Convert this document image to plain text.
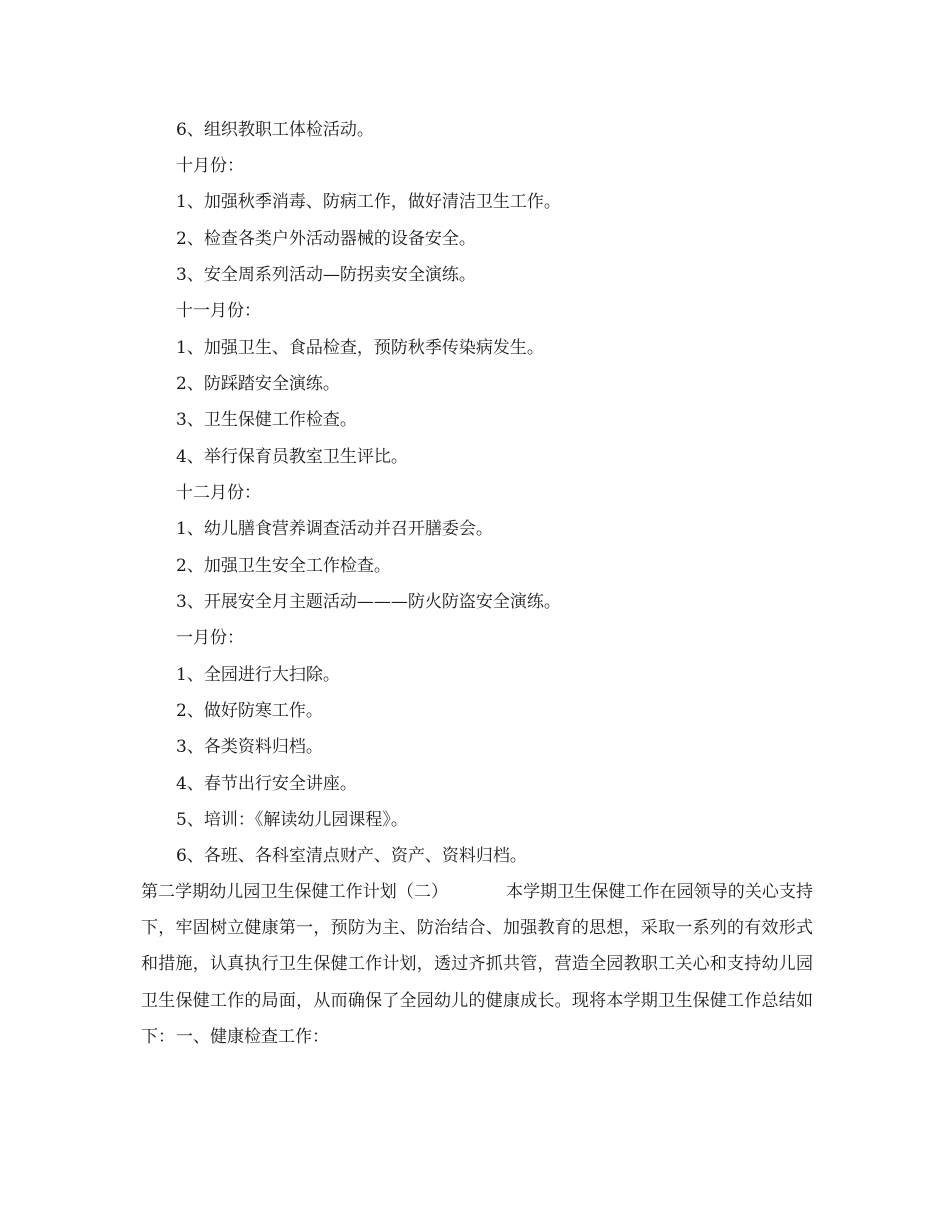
6、组织教职工体检活动。
十月份：
1、加强秋季消毒、防病工作，做好清洁卫生工作。
2、检查各类户外活动器械的设备安全。
3、安全周系列活动—防拐卖安全演练。
十一月份：
1、加强卫生、食品检查，预防秋季传染病发生。
2、防踩踏安全演练。
3、卫生保健工作检查。
4、举行保育员教室卫生评比。
十二月份：
1、幼儿膳食营养调查活动并召开膳委会。
2、加强卫生安全工作检查。
3、开展安全月主题活动———防火防盗安全演练。
一月份：
1、全园进行大扫除。
2、做好防寒工作。
3、各类资料归档。
4、春节出行安全讲座。
5、培训：《解读幼儿园课程》。
6、各班、各科室清点财产、资产、资料归档。
第二学期幼儿园卫生保健工作计划（二）	本学期卫生保健工作在园领导的关心支持下，牢固树立健康第一，预防为主、防治结合、加强教育的思想，采取一系列的有效形式和措施，认真执行卫生保健工作计划，透过齐抓共管，营造全园教职工关心和支持幼儿园卫生保健工作的局面，从而确保了全园幼儿的健康成长。现将本学期卫生保健工作总结如下： 一、健康检查工作：
